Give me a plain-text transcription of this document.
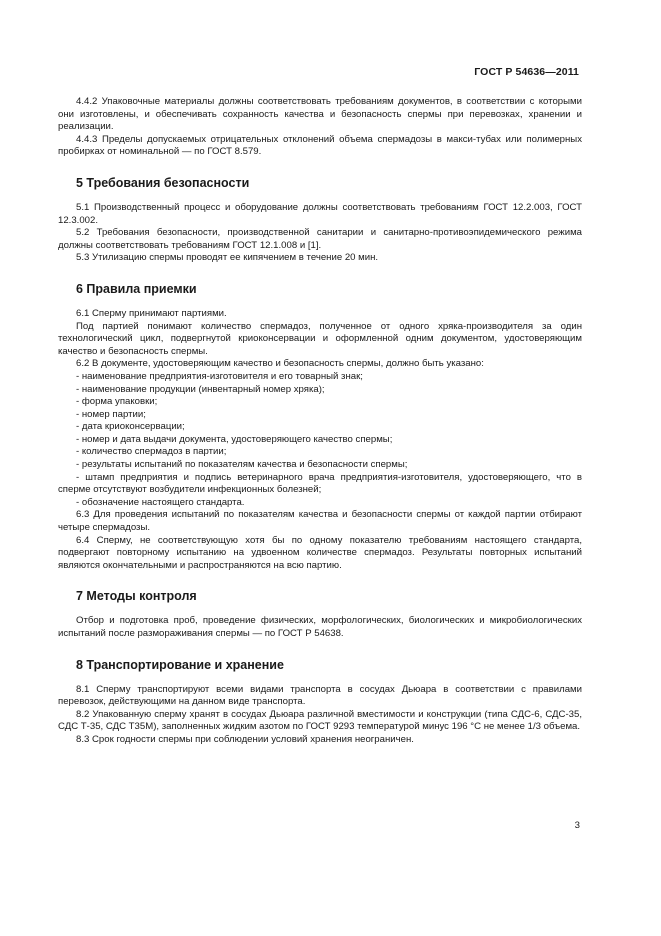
ГОСТ Р 54636—2011

4.4.2 Упаковочные материалы должны соответствовать требованиям документов, в соответствии с которыми они изготовлены, и обеспечивать сохранность качества и безопасность спермы при перевозках, хранении и реализации.

4.4.3 Пределы допускаемых отрицательных отклонений объема спермадозы в макси-тубах или полимерных пробирках от номинальной — по ГОСТ 8.579.

5 Требования безопасности

5.1 Производственный процесс и оборудование должны соответствовать требованиям ГОСТ 12.2.003, ГОСТ 12.3.002.

5.2 Требования безопасности, производственной санитарии и санитарно-противоэпидемического режима должны соответствовать требованиям ГОСТ 12.1.008 и [1].

5.3 Утилизацию спермы проводят ее кипячением в течение 20 мин.

6 Правила приемки

6.1 Сперму принимают партиями.

Под партией понимают количество спермадоз, полученное от одного хряка-производителя за один технологический цикл, подвергнутой криоконсервации и оформленной одним документом, удостоверяющим качество и безопасность спермы.

6.2 В документе, удостоверяющим качество и безопасность спермы, должно быть указано:

- наименование предприятия-изготовителя и его товарный знак;

- наименование продукции (инвентарный номер хряка);

- форма упаковки;

- номер партии;

- дата криоконсервации;

- номер и дата выдачи документа, удостоверяющего качество спермы;

- количество спермадоз в партии;

- результаты испытаний по показателям качества и безопасности спермы;

- штамп предприятия и подпись ветеринарного врача предприятия-изготовителя, удостоверяющего, что в сперме отсутствуют возбудители инфекционных болезней;

- обозначение настоящего стандарта.

6.3 Для проведения испытаний по показателям качества и безопасности спермы от каждой партии отбирают четыре спермадозы.

6.4 Сперму, не соответствующую хотя бы по одному показателю требованиям настоящего стандарта, подвергают повторному испытанию на удвоенном количестве спермадоз. Результаты повторных испытаний являются окончательными и распространяются на всю партию.

7 Методы контроля

Отбор и подготовка проб, проведение физических, морфологических, биологических и микробиологических испытаний после размораживания спермы — по ГОСТ Р 54638.

8 Транспортирование и хранение

8.1 Сперму транспортируют всеми видами транспорта в сосудах Дьюара в соответствии с правилами перевозок, действующими на данном виде транспорта.

8.2 Упакованную сперму хранят в сосудах Дьюара различной вместимости и конструкции (типа СДС-6, СДС-35, СДС Т-35, СДС Т35М), заполненных жидким азотом по ГОСТ 9293 температурой минус 196 °С не менее 1/3 объема.

8.3 Срок годности спермы при соблюдении условий хранения неограничен.

3
